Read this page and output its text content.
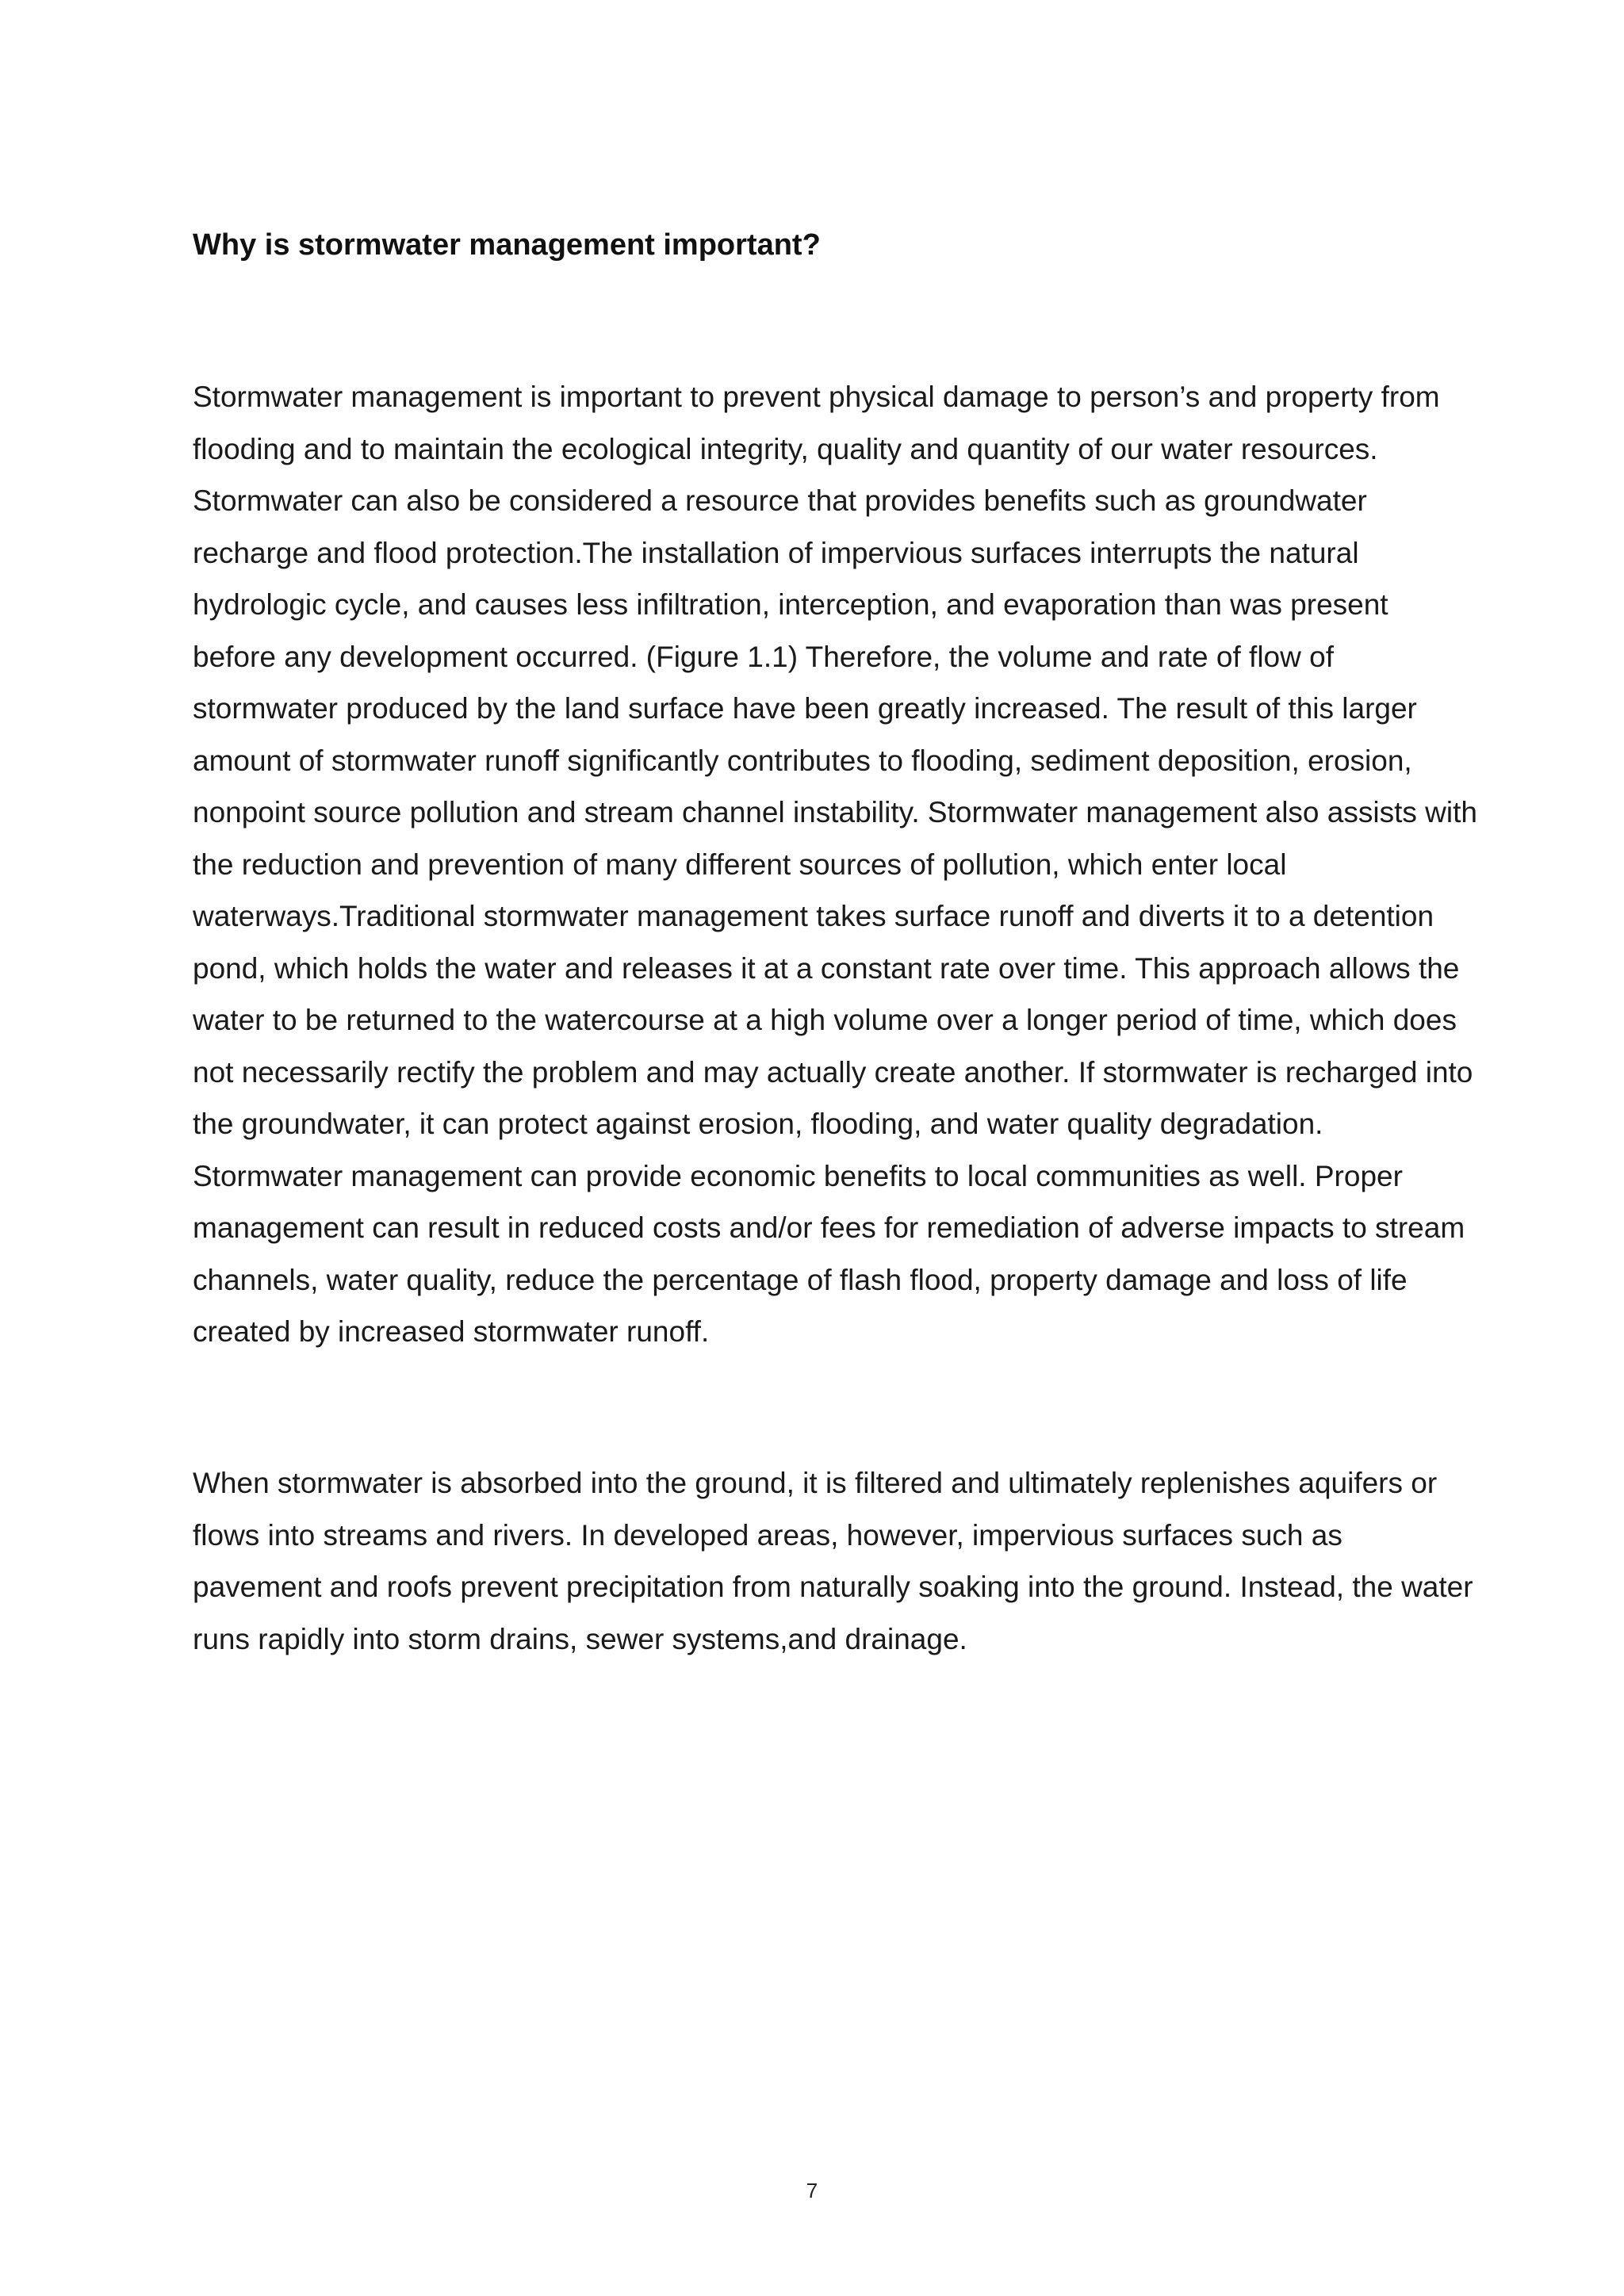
Why is stormwater management important?

Stormwater management is important to prevent physical damage to person’s and property from flooding and to maintain the ecological integrity, quality and quantity of our water resources. Stormwater can also be considered a resource that provides benefits such as groundwater recharge and flood protection.The installation of impervious surfaces interrupts the natural hydrologic cycle, and causes less infiltration, interception, and evaporation than was present before any development occurred. (Figure 1.1) Therefore, the volume and rate of flow of stormwater produced by the land surface have been greatly increased. The result of this larger amount of stormwater runoff significantly contributes to flooding, sediment deposition, erosion, nonpoint source pollution and stream channel instability. Stormwater management also assists with the reduction and prevention of many different sources of pollution, which enter local waterways.Traditional stormwater management takes surface runoff and diverts it to a detention pond, which holds the water and releases it at a constant rate over time. This approach allows the water to be returned to the watercourse at a high volume over a longer period of time, which does not necessarily rectify the problem and may actually create another. If stormwater is recharged into the groundwater, it can protect against erosion, flooding, and water quality degradation. Stormwater management can provide economic benefits to local communities as well. Proper management can result in reduced costs and/or fees for remediation of adverse impacts to stream channels, water quality, reduce the percentage of flash flood, property damage and loss of life created by increased stormwater runoff.

When stormwater is absorbed into the ground, it is filtered and ultimately replenishes aquifers or flows into streams and rivers. In developed areas, however, impervious surfaces such as pavement and roofs prevent precipitation from naturally soaking into the ground. Instead, the water runs rapidly into storm drains, sewer systems,and drainage.

7
